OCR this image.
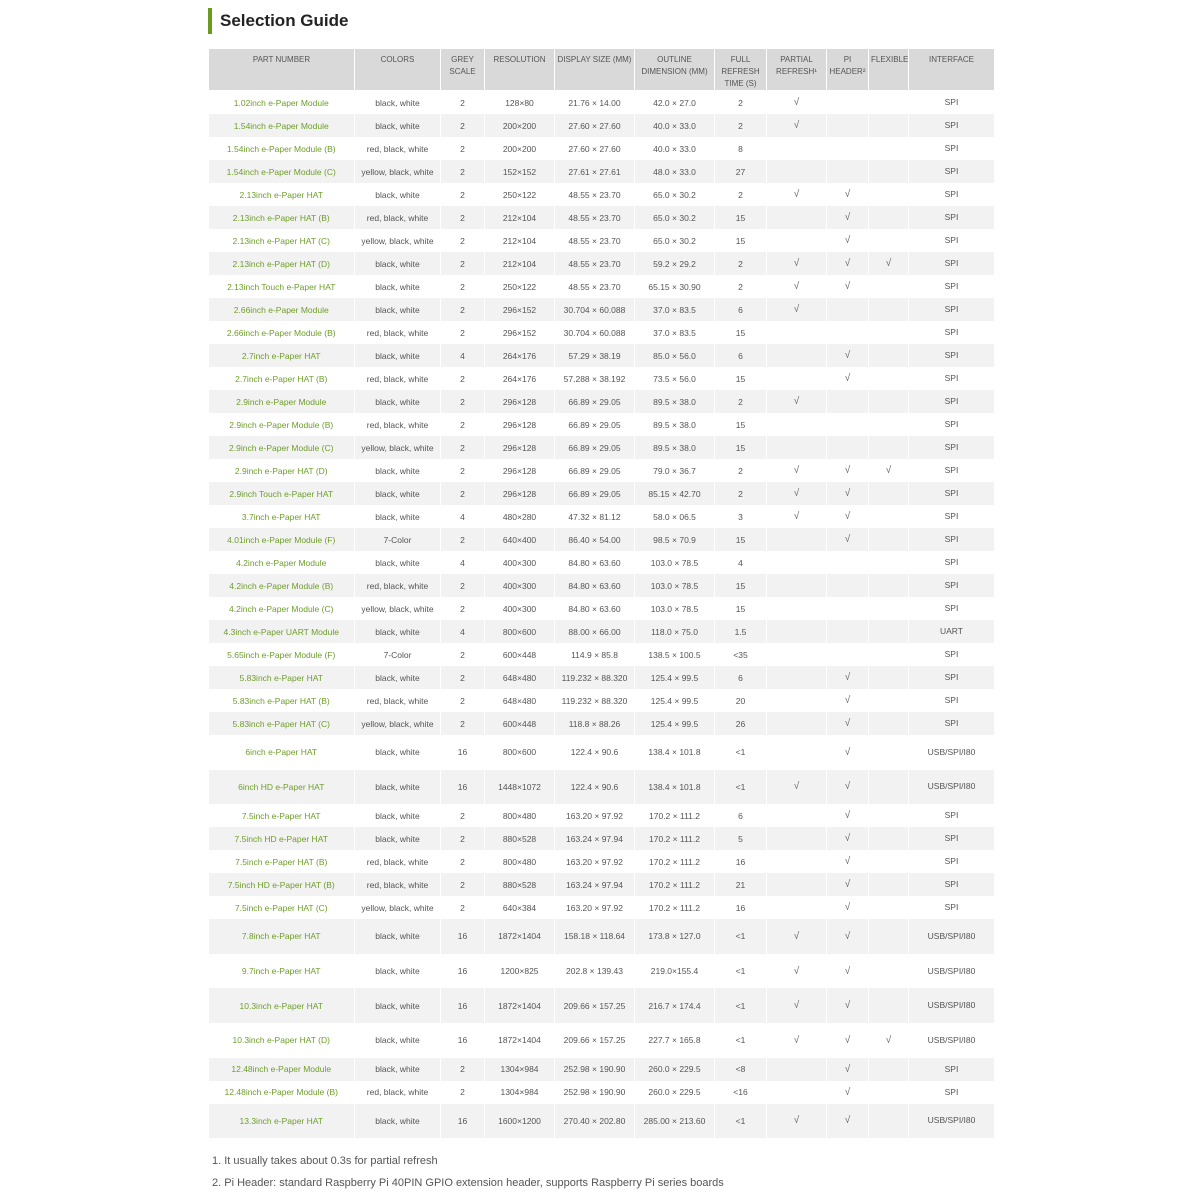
Selection Guide
PART NUMBER	COLORS	GREY SCALE	RESOLUTION	DISPLAY SIZE (MM)	OUTLINE DIMENSION (MM)	FULL REFRESH TIME (S)	PARTIAL REFRESH¹	PI HEADER²	FLEXIBLE	INTERFACE
1.02inch e-Paper Module	black, white	2	128×80	21.76 × 14.00	42.0 × 27.0	2	√			SPI
1.54inch e-Paper Module	black, white	2	200×200	27.60 × 27.60	40.0 × 33.0	2	√			SPI
1.54inch e-Paper Module (B)	red, black, white	2	200×200	27.60 × 27.60	40.0 × 33.0	8				SPI
1.54inch e-Paper Module (C)	yellow, black, white	2	152×152	27.61 × 27.61	48.0 × 33.0	27				SPI
2.13inch e-Paper HAT	black, white	2	250×122	48.55 × 23.70	65.0 × 30.2	2	√	√		SPI
2.13inch e-Paper HAT (B)	red, black, white	2	212×104	48.55 × 23.70	65.0 × 30.2	15		√		SPI
2.13inch e-Paper HAT (C)	yellow, black, white	2	212×104	48.55 × 23.70	65.0 × 30.2	15		√		SPI
2.13inch e-Paper HAT (D)	black, white	2	212×104	48.55 × 23.70	59.2 × 29.2	2	√	√	√	SPI
2.13inch Touch e-Paper HAT	black, white	2	250×122	48.55 × 23.70	65.15 × 30.90	2	√	√		SPI
2.66inch e-Paper Module	black, white	2	296×152	30.704 × 60.088	37.0 × 83.5	6	√			SPI
2.66inch e-Paper Module (B)	red, black, white	2	296×152	30.704 × 60.088	37.0 × 83.5	15				SPI
2.7inch e-Paper HAT	black, white	4	264×176	57.29 × 38.19	85.0 × 56.0	6		√		SPI
2.7inch e-Paper HAT (B)	red, black, white	2	264×176	57.288 × 38.192	73.5 × 56.0	15		√		SPI
2.9inch e-Paper Module	black, white	2	296×128	66.89 × 29.05	89.5 × 38.0	2	√			SPI
2.9inch e-Paper Module (B)	red, black, white	2	296×128	66.89 × 29.05	89.5 × 38.0	15				SPI
2.9inch e-Paper Module (C)	yellow, black, white	2	296×128	66.89 × 29.05	89.5 × 38.0	15				SPI
2.9inch e-Paper HAT (D)	black, white	2	296×128	66.89 × 29.05	79.0 × 36.7	2	√	√	√	SPI
2.9inch Touch e-Paper HAT	black, white	2	296×128	66.89 × 29.05	85.15 × 42.70	2	√	√		SPI
3.7inch e-Paper HAT	black, white	4	480×280	47.32 × 81.12	58.0 × 06.5	3	√	√		SPI
4.01inch e-Paper Module (F)	7-Color	2	640×400	86.40 × 54.00	98.5 × 70.9	15		√		SPI
4.2inch e-Paper Module	black, white	4	400×300	84.80 × 63.60	103.0 × 78.5	4				SPI
4.2inch e-Paper Module (B)	red, black, white	2	400×300	84.80 × 63.60	103.0 × 78.5	15				SPI
4.2inch e-Paper Module (C)	yellow, black, white	2	400×300	84.80 × 63.60	103.0 × 78.5	15				SPI
4.3inch e-Paper UART Module	black, white	4	800×600	88.00 × 66.00	118.0 × 75.0	1.5				UART
5.65inch e-Paper Module (F)	7-Color	2	600×448	114.9 × 85.8	138.5 × 100.5	<35				SPI
5.83inch e-Paper HAT	black, white	2	648×480	119.232 × 88.320	125.4 × 99.5	6		√		SPI
5.83inch e-Paper HAT (B)	red, black, white	2	648×480	119.232 × 88.320	125.4 × 99.5	20		√		SPI
5.83inch e-Paper HAT (C)	yellow, black, white	2	600×448	118.8 × 88.26	125.4 × 99.5	26		√		SPI
6inch e-Paper HAT	black, white	16	800×600	122.4 × 90.6	138.4 × 101.8	<1		√		USB/SPI/I80
6inch HD e-Paper HAT	black, white	16	1448×1072	122.4 × 90.6	138.4 × 101.8	<1	√	√		USB/SPI/I80
7.5inch e-Paper HAT	black, white	2	800×480	163.20 × 97.92	170.2 × 111.2	6		√		SPI
7.5inch HD e-Paper HAT	black, white	2	880×528	163.24 × 97.94	170.2 × 111.2	5		√		SPI
7.5inch e-Paper HAT (B)	red, black, white	2	800×480	163.20 × 97.92	170.2 × 111.2	16		√		SPI
7.5inch HD e-Paper HAT (B)	red, black, white	2	880×528	163.24 × 97.94	170.2 × 111.2	21		√		SPI
7.5inch e-Paper HAT (C)	yellow, black, white	2	640×384	163.20 × 97.92	170.2 × 111.2	16		√		SPI
7.8inch e-Paper HAT	black, white	16	1872×1404	158.18 × 118.64	173.8 × 127.0	<1	√	√		USB/SPI/I80
9.7inch e-Paper HAT	black, white	16	1200×825	202.8 × 139.43	219.0×155.4	<1	√	√		USB/SPI/I80
10.3inch e-Paper HAT	black, white	16	1872×1404	209.66 × 157.25	216.7 × 174.4	<1	√	√		USB/SPI/I80
10.3inch e-Paper HAT (D)	black, white	16	1872×1404	209.66 × 157.25	227.7 × 165.8	<1	√	√	√	USB/SPI/I80
12.48inch e-Paper Module	black, white	2	1304×984	252.98 × 190.90	260.0 × 229.5	<8		√		SPI
12.48inch e-Paper Module (B)	red, black, white	2	1304×984	252.98 × 190.90	260.0 × 229.5	<16		√		SPI
13.3inch e-Paper HAT	black, white	16	1600×1200	270.40 × 202.80	285.00 × 213.60	<1	√	√		USB/SPI/I80
1. It usually takes about 0.3s for partial refresh
2. Pi Header: standard Raspberry Pi 40PIN GPIO extension header, supports Raspberry Pi series boards
